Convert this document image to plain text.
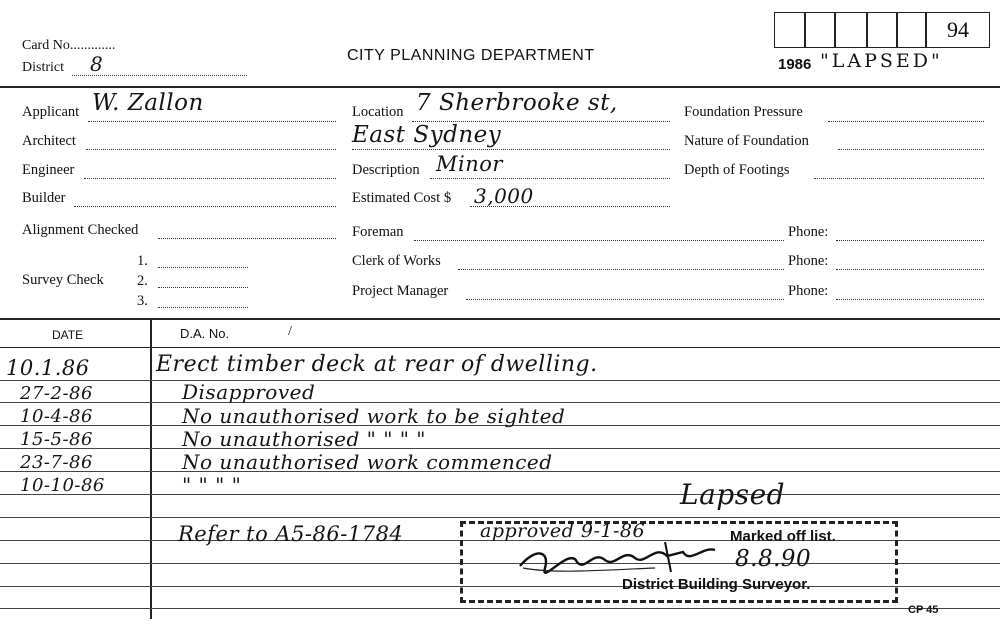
Card No.............
District 8	CITY PLANNING DEPARTMENT
94
1986 "LAPSED"
Applicant W. Zallon
Architect
Engineer
Builder
Alignment Checked
Survey Check
1.
2.
3.
Location 7 Sherbrooke st,
East Sydney
Description Minor
Estimated Cost $ 3,000
Foreman
Clerk of Works
Project Manager
Phone:
Phone:
Phone:
Foundation Pressure
Nature of Foundation
Depth of Footings
DATE	D.A. No.	/
10.1.86	Erect timber deck at rear of dwelling.
27-2-86	Disapproved
10-4-86	No unauthorised work to be sighted
15-5-86	No unauthorised " " " "
23-7-86	No unauthorised work commenced
10-10-86	" " " "	Lapsed
Refer to A5-86-1784	approved 9-1-86	Marked off list.
8.8.90
District Building Surveyor.
CP 45
